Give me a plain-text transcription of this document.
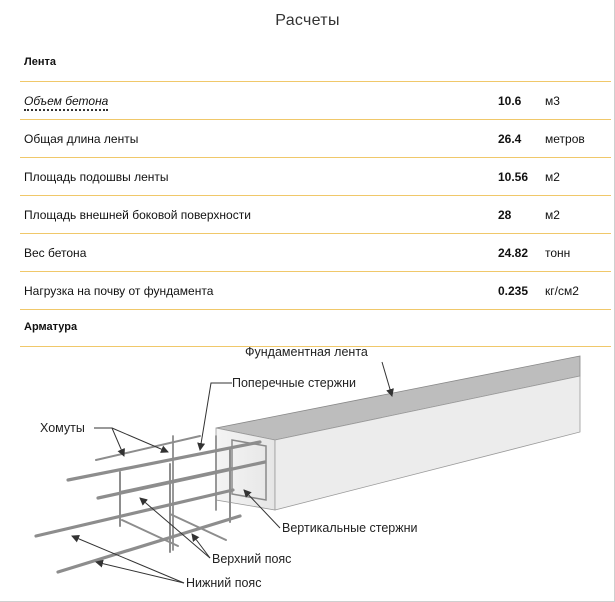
Расчеты
Лента
Объем бетона	10.6 м3
Общая длина ленты	26.4 метров
Площадь подошвы ленты	10.56 м2
Площадь внешней боковой поверхности	28	м2
Вес бетона	24.82 тонн
Нагрузка на почву от фундамента	0.235 кг/см2
Арматура
Фундаментная лента
Поперечные стержни
Хомуты
Вертикальные стержни
Верхний пояс
Нижний пояс
